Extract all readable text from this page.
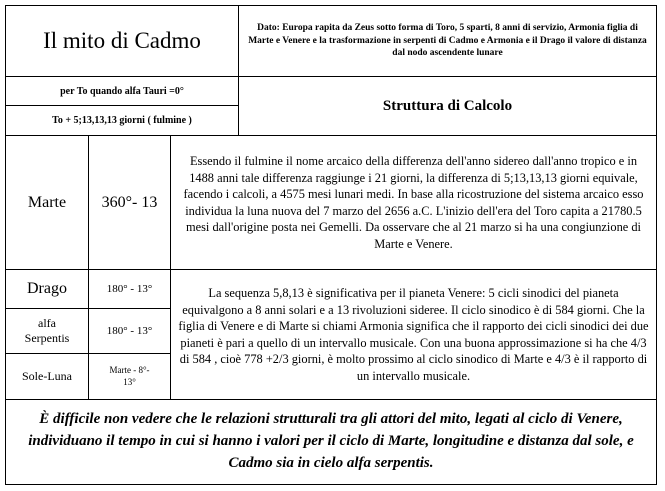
Il mito di Cadmo	Dato: Europa rapita da Zeus sotto forma di Toro, 5 sparti, 8 anni di servizio, Armonia figlia di Marte e Venere e la trasformazione in serpenti di Cadmo e Armonia e il Drago il valore di distanza dal nodo ascendente lunare
per To quando alfa Tauri =0°
To + 5;13,13,13 giorni ( fulmine )
Struttura di Calcolo
Marte 360°- 13
Essendo il fulmine il nome arcaico della differenza dell'anno sidereo dall'anno tropico e in 1488 anni tale differenza raggiunge i 21 giorni, la differenza di 5;13,13,13 giorni equivale, facendo i calcoli, a 4575 mesi lunari medi. In base alla ricostruzione del sistema arcaico esso individua la luna nuova del 7 marzo del 2656 a.C. L'inizio dell'era del Toro capita a 21780.5 mesi dall'origine posta nei Gemelli. Da osservare che al 21 marzo si ha una congiunzione di Marte e Venere.
Drago	180° - 13°
alfa
Serpentis	180° - 13°
Sole-Luna	Marte - 8°-
13°
La sequenza 5,8,13 è significativa per il pianeta Venere: 5 cicli sinodici del pianeta equivalgono a 8 anni solari e a 13 rivoluzioni sideree. Il ciclo sinodico è di 584 giorni. Che la figlia di Venere e di Marte si chiami Armonia significa che il rapporto dei cicli sinodici dei due pianeti è pari a quello di un intervallo musicale. Con una buona approssimazione si ha che 4/3 di 584 , cioè 778 +2/3 giorni, è molto prossimo al ciclo sinodico di Marte e 4/3 è il rapporto di un intervallo musicale.
È difficile non vedere che le relazioni strutturali tra gli attori del mito, legati al ciclo di Venere, individuano il tempo in cui si hanno i valori per il ciclo di Marte, longitudine e distanza dal sole, e Cadmo sia in cielo alfa serpentis.
